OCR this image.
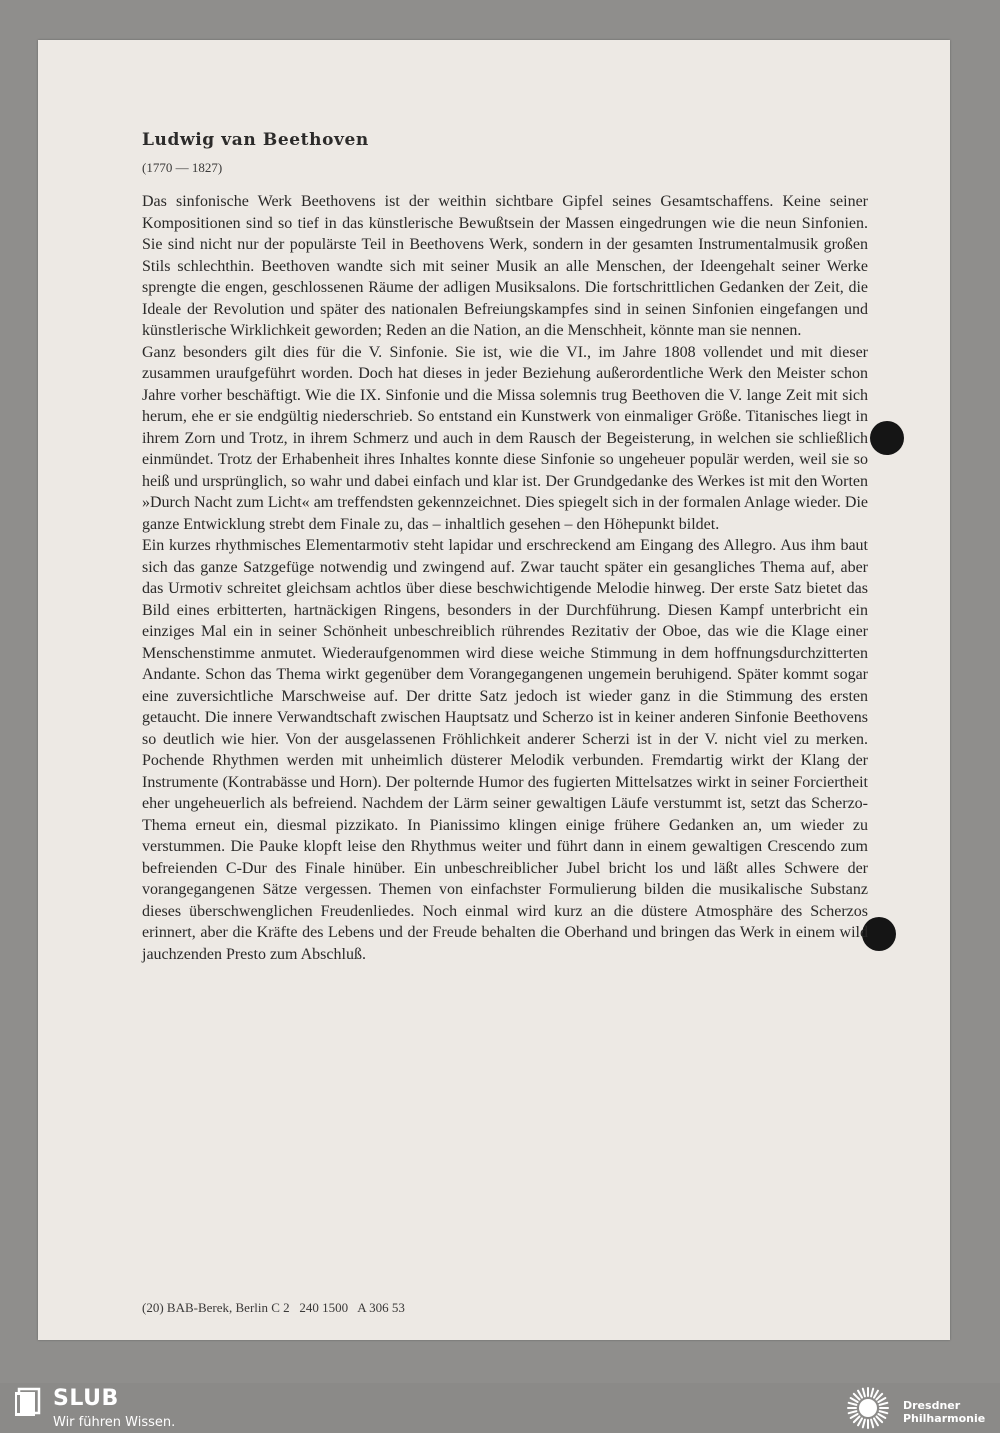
Ludwig van Beethoven
(1770 — 1827)

Das sinfonische Werk Beethovens ist der weithin sichtbare Gipfel seines Gesamtschaffens. Keine seiner Kompositionen sind so tief in das künstlerische Bewußtsein der Massen eingedrungen wie die neun Sinfonien. Sie sind nicht nur der populärste Teil in Beethovens Werk, sondern in der gesamten Instrumentalmusik großen Stils schlechthin. Beethoven wandte sich mit seiner Musik an alle Menschen, der Ideengehalt seiner Werke sprengte die engen, geschlossenen Räume der adligen Musiksalons. Die fortschrittlichen Gedanken der Zeit, die Ideale der Revolution und später des nationalen Befreiungskampfes sind in seinen Sinfonien eingefangen und künstlerische Wirklichkeit geworden; Reden an die Nation, an die Menschheit, könnte man sie nennen.

Ganz besonders gilt dies für die V. Sinfonie. Sie ist, wie die VI., im Jahre 1808 vollendet und mit dieser zusammen uraufgeführt worden. Doch hat dieses in jeder Beziehung außerordentliche Werk den Meister schon Jahre vorher beschäftigt. Wie die IX. Sinfonie und die Missa solemnis trug Beethoven die V. lange Zeit mit sich herum, ehe er sie endgültig niederschrieb. So entstand ein Kunstwerk von einmaliger Größe. Titanisches liegt in ihrem Zorn und Trotz, in ihrem Schmerz und auch in dem Rausch der Begeisterung, in welchen sie schließlich einmündet. Trotz der Erhabenheit ihres Inhaltes konnte diese Sinfonie so ungeheuer populär werden, weil sie so heiß und ursprünglich, so wahr und dabei einfach und klar ist. Der Grundgedanke des Werkes ist mit den Worten »Durch Nacht zum Licht« am treffendsten gekennzeichnet. Dies spiegelt sich in der formalen Anlage wieder. Die ganze Entwicklung strebt dem Finale zu, das – inhaltlich gesehen – den Höhepunkt bildet.

Ein kurzes rhythmisches Elementarmotiv steht lapidar und erschreckend am Eingang des Allegro. Aus ihm baut sich das ganze Satzgefüge notwendig und zwingend auf. Zwar taucht später ein gesangliches Thema auf, aber das Urmotiv schreitet gleichsam achtlos über diese beschwichtigende Melodie hinweg. Der erste Satz bietet das Bild eines erbitterten, hartnäckigen Ringens, besonders in der Durchführung. Diesen Kampf unterbricht ein einziges Mal ein in seiner Schönheit unbeschreiblich rührendes Rezitativ der Oboe, das wie die Klage einer Menschenstimme anmutet. Wiederaufgenommen wird diese weiche Stimmung in dem hoffnungsdurchzitterten Andante. Schon das Thema wirkt gegenüber dem Vorangegangenen ungemein beruhigend. Später kommt sogar eine zuversichtliche Marschweise auf. Der dritte Satz jedoch ist wieder ganz in die Stimmung des ersten getaucht. Die innere Verwandtschaft zwischen Hauptsatz und Scherzo ist in keiner anderen Sinfonie Beethovens so deutlich wie hier. Von der ausgelassenen Fröhlichkeit anderer Scherzi ist in der V. nicht viel zu merken. Pochende Rhythmen werden mit unheimlich düsterer Melodik verbunden. Fremdartig wirkt der Klang der Instrumente (Kontrabässe und Horn). Der polternde Humor des fugierten Mittelsatzes wirkt in seiner Forciertheit eher ungeheuerlich als befreiend. Nachdem der Lärm seiner gewaltigen Läufe verstummt ist, setzt das Scherzo-Thema erneut ein, diesmal pizzikato. In Pianissimo klingen einige frühere Gedanken an, um wieder zu verstummen. Die Pauke klopft leise den Rhythmus weiter und führt dann in einem gewaltigen Crescendo zum befreienden C-Dur des Finale hinüber. Ein unbeschreiblicher Jubel bricht los und läßt alles Schwere der vorangegangenen Sätze vergessen. Themen von einfachster Formulierung bilden die musikalische Substanz dieses überschwenglichen Freudenliedes. Noch einmal wird kurz an die düstere Atmosphäre des Scherzos erinnert, aber die Kräfte des Lebens und der Freude behalten die Oberhand und bringen das Werk in einem wild jauchzenden Presto zum Abschluß.

(20) BAB-Berek, Berlin C 2   240 1500   A 306 53
SLUB
Wir führen Wissen.
Dresdner
Philharmonie
